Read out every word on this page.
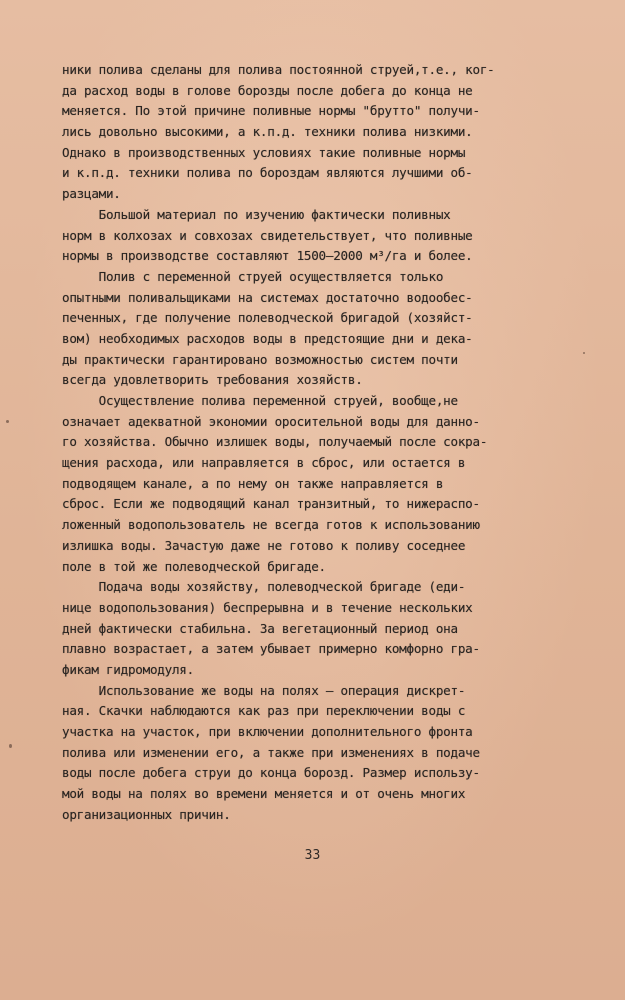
ники полива сделаны для полива постоянной струей,т.е., ког-
да расход воды в голове борозды после добега до конца не
меняется. По этой причине поливные нормы "брутто" получи-
лись довольно высокими, а к.п.д. техники полива низкими.
Однако в производственных условиях такие поливные нормы
и к.п.д. техники полива по бороздам являются лучшими об-
разцами.
Большой материал по изучению фактически поливных
норм в колхозах и совхозах свидетельствует, что поливные
нормы в производстве составляют 1500–2000 м³/га и более.
Полив с переменной струей осуществляется только
опытными поливальщиками на системах достаточно водообес-
печенных, где получение полеводческой бригадой (хозяйст-
вом) необходимых расходов воды в предстоящие дни и дека-
ды практически гарантировано возможностью систем почти
всегда удовлетворить требования хозяйств.
Осуществление полива переменной струей, вообще,не
означает адекватной экономии оросительной воды для данно-
го хозяйства. Обычно излишек воды, получаемый после сокра-
щения расхода, или направляется в сброс, или остается в
подводящем канале, а по нему он также направляется в
сброс. Если же подводящий канал транзитный, то нижераспо-
ложенный водопользователь не всегда готов к использованию
излишка воды. Зачастую даже не готово к поливу соседнее
поле в той же полеводческой бригаде.
Подача воды хозяйству, полеводческой бригаде (еди-
нице водопользования) беспрерывна и в течение нескольких
дней фактически стабильна. За вегетационный период она
плавно возрастает, а затем убывает примерно комфорно гра-
фикам гидромодуля.
Использование же воды на полях – операция дискрет-
ная. Скачки наблюдаются как раз при переключении воды с
участка на участок, при включении дополнительного фронта
полива или изменении его, а также при изменениях в подаче
воды после добега струи до конца борозд. Размер использу-
мой воды на полях во времени меняется и от очень многих
организационных причин.
33
